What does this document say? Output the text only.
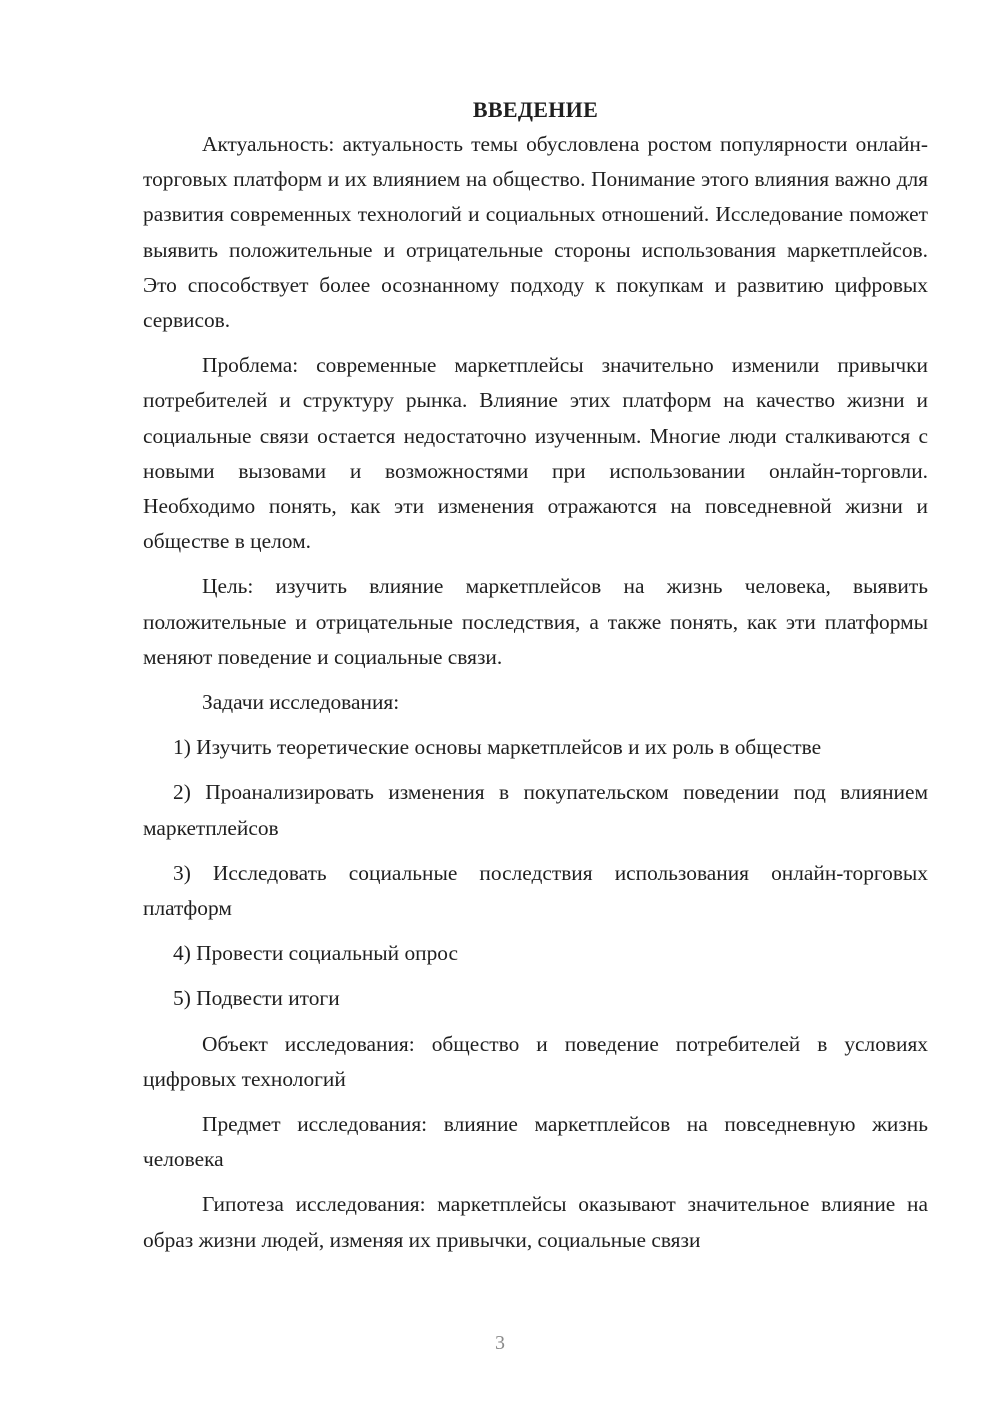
ВВЕДЕНИЕ

Актуальность: актуальность темы обусловлена ростом популярности онлайн-торговых платформ и их влиянием на общество. Понимание этого влияния важно для развития современных технологий и социальных отношений. Исследование поможет выявить положительные и отрицательные стороны использования маркетплейсов. Это способствует более осознанному подходу к покупкам и развитию цифровых сервисов.

Проблема: современные маркетплейсы значительно изменили привычки потребителей и структуру рынка. Влияние этих платформ на качество жизни и социальные связи остается недостаточно изученным. Многие люди сталкиваются с новыми вызовами и возможностями при использовании онлайн-торговли. Необходимо понять, как эти изменения отражаются на повседневной жизни и обществе в целом.

Цель: изучить влияние маркетплейсов на жизнь человека, выявить положительные и отрицательные последствия, а также понять, как эти платформы меняют поведение и социальные связи.

Задачи исследования:

1) Изучить теоретические основы маркетплейсов и их роль в обществе

2) Проанализировать изменения в покупательском поведении под влиянием маркетплейсов

3) Исследовать социальные последствия использования онлайн-торговых платформ

4) Провести социальный опрос

5) Подвести итоги

Объект исследования: общество и поведение потребителей в условиях цифровых технологий

Предмет исследования: влияние маркетплейсов на повседневную жизнь человека

Гипотеза исследования: маркетплейсы оказывают значительное влияние на образ жизни людей, изменяя их привычки, социальные связи

3
